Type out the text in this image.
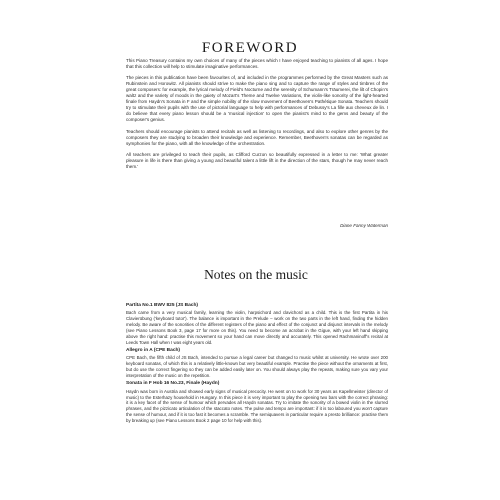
FOREWORD

This Piano Treasury contains my own choices of many of the pieces which I have enjoyed teaching to pianists of all ages. I hope that this collection will help to stimulate imaginative performances.

The pieces in this publication have been favourites of, and included in the programmes performed by the Great Masters such as Rubinstein and Horowitz. All pianists should strive to make the piano sing and to capture the range of styles and timbres of the great composers: for example, the lyrical melody of Field's Nocturne and the serenity of Schumann's Träumerei, the lilt of Chopin's waltz and the variety of moods in the gaiety of Mozart's Theme and Twelve Variations, the violin-like sonority of the light-hearted finale from Haydn's Sonata in F and the simple nobility of the slow movement of Beethoven's Pathétique Sonata. Teachers should try to stimulate their pupils with the use of pictorial language to help with performances of Debussy's La fille aux cheveux de lin. I do believe that every piano lesson should be a 'musical injection' to open the pianist's mind to the gems and beauty of the composer's genius.

Teachers should encourage pianists to attend recitals as well as listening to recordings, and also to explore other genres by the composers they are studying to broaden their knowledge and experience. Remember, Beethoven's sonatas can be regarded as symphonies for the piano, with all the knowledge of the orchestration.

All teachers are privileged to teach their pupils, as Clifford Curzon so beautifully expressed in a letter to me: 'What greater pleasure in life is there than giving a young and beautiful talent a little lift in the direction of the stars, though he may never reach them.'

Diane Fanny Waterman
Notes on the music
Partita No.1 BWV 825 (JS Bach)

Bach came from a very musical family, learning the violin, harpsichord and clavichord as a child. This is the first Partita in his Clavierübung ('keyboard tutor'). The balance is important in the Prelude – work on the two parts in the left hand, finding the hidden melody. Be aware of the sonorities of the different registers of the piano and effect of the conjunct and disjunct intervals in the melody (see Piano Lessons Book 3, page 17 for more on this). You need to become an acrobat in the Gigue, with your left hand skipping above the right hand: practise this movement so your hand can move directly and accurately. This opened Rachmaninoff's recital at Leeds Town Hall when I was eight years old.

Allegro in A (CPE Bach)

CPE Bach, the fifth child of JS Bach, intended to pursue a legal career but changed to music whilst at university. He wrote over 200 keyboard sonatas, of which this is a relatively little-known but very beautiful example. Practise the piece without the ornaments at first, but do use the correct fingering so they can be added easily later on. You should always play the repeats, making sure you vary your interpretation of the music on the repetition.

Sonata in F Hob 16 No.23, Finale (Haydn)

Haydn was born in Austria and showed early signs of musical precocity. He went on to work for 30 years as Kapellmeister (director of music) to the Esterhazy household in Hungary. In this piece it is very important to play the opening two bars with the correct phrasing: it is a key facet of the sense of humour which pervades all Haydn sonatas. Try to imitate the sonority of a bowed violin in the slurred phrases, and the pizzicato articulation of the staccato notes. The pulse and tempo are important: if it is too laboured you won't capture the sense of humour, and if it is too fast it becomes a scramble. The semiquavers in particular require a presto brilliance: practise them by breaking up (see Piano Lessons Book 2 page 10 for help with this).
